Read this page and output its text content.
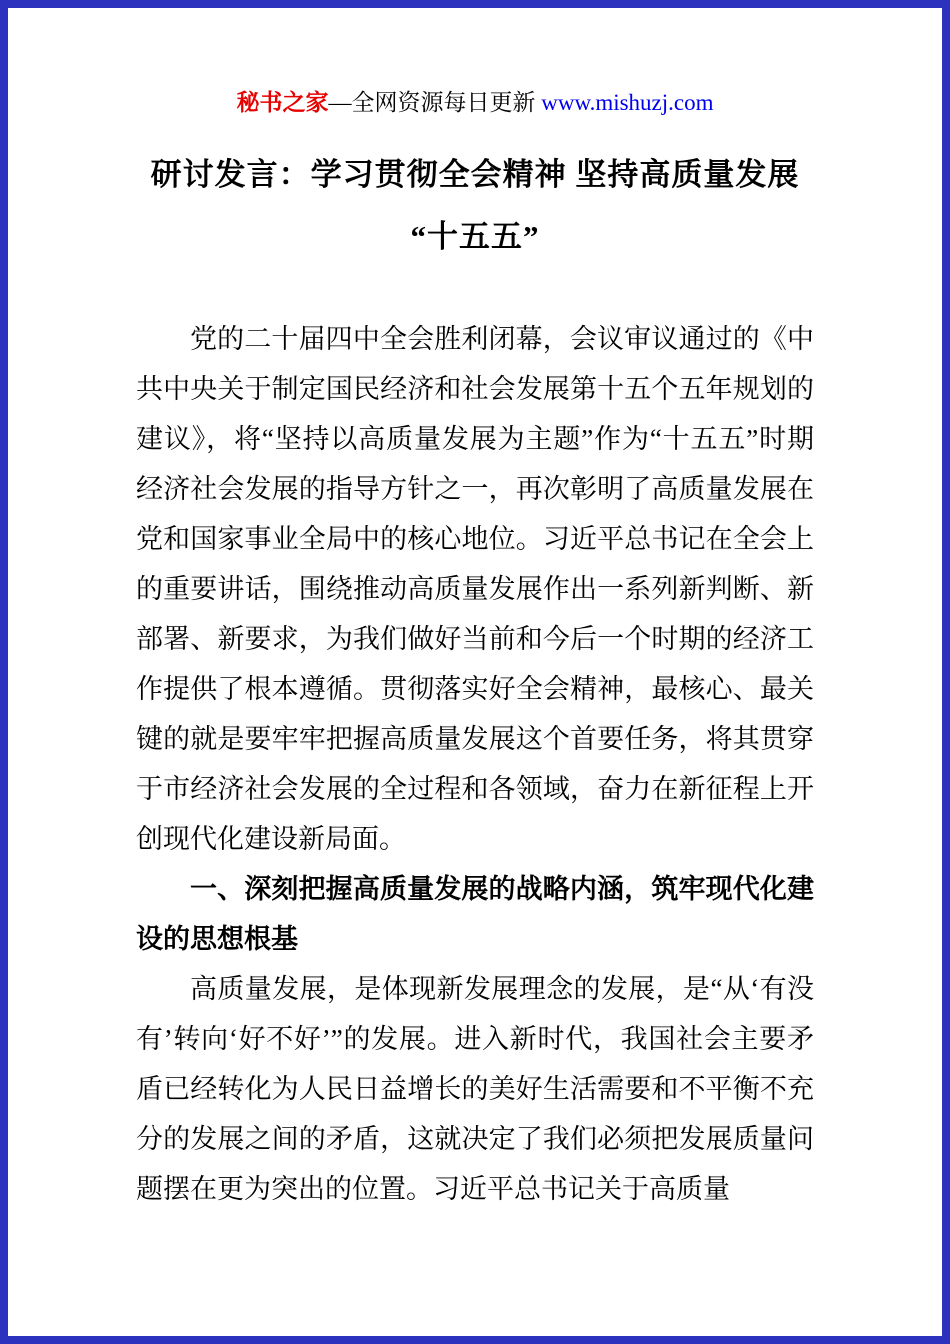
秘书之家—全网资源每日更新 www.mishuzj.com
研讨发言：学习贯彻全会精神 坚持高质量发展
“十五五”

党的二十届四中全会胜利闭幕，会议审议通过的《中共中央关于制定国民经济和社会发展第十五个五年规划的建议》，将“坚持以高质量发展为主题”作为“十五五”时期经济社会发展的指导方针之一，再次彰明了高质量发展在党和国家事业全局中的核心地位。习近平总书记在全会上的重要讲话，围绕推动高质量发展作出一系列新判断、新部署、新要求，为我们做好当前和今后一个时期的经济工作提供了根本遵循。贯彻落实好全会精神，最核心、最关键的就是要牢牢把握高质量发展这个首要任务，将其贯穿于市经济社会发展的全过程和各领域，奋力在新征程上开创现代化建设新局面。

一、深刻把握高质量发展的战略内涵，筑牢现代化建设的思想根基

高质量发展，是体现新发展理念的发展，是“从‘有没有’转向‘好不好’”的发展。进入新时代，我国社会主要矛盾已经转化为人民日益增长的美好生活需要和不平衡不充分的发展之间的矛盾，这就决定了我们必须把发展质量问题摆在更为突出的位置。习近平总书记关于高质量
